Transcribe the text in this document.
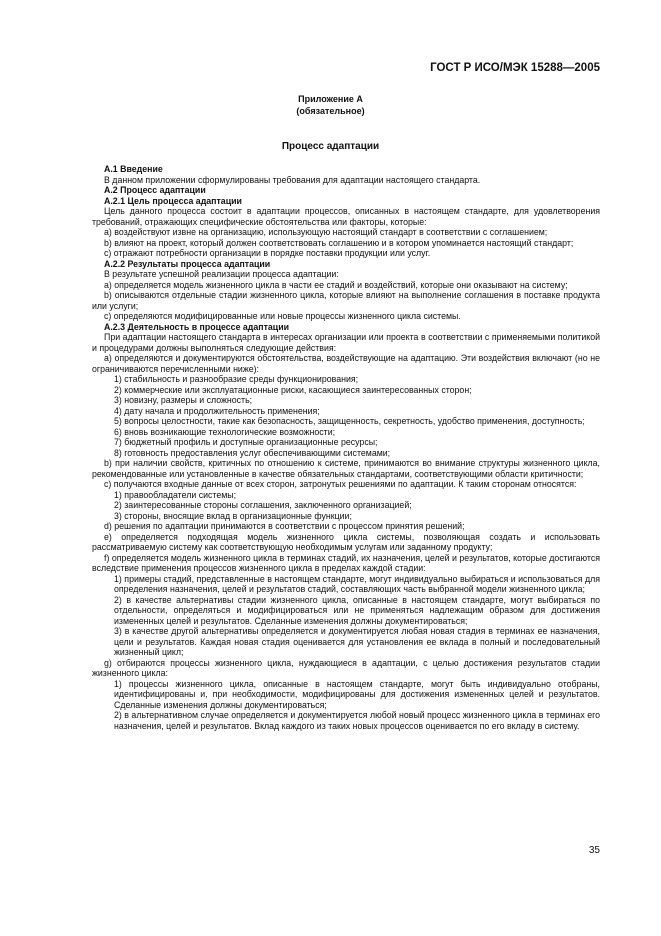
ГОСТ Р ИСО/МЭК 15288—2005
Приложение А
(обязательное)
Процесс адаптации

А.1 Введение

В данном приложении сформулированы требования для адаптации настоящего стандарта.

А.2 Процесс адаптации

А.2.1 Цель процесса адаптации

Цель данного процесса состоит в адаптации процессов, описанных в настоящем стандарте, для удовлетворения требований, отражающих специфические обстоятельства или факторы, которые:

a) воздействуют извне на организацию, использующую настоящий стандарт в соответствии с соглашением;

b) влияют на проект, который должен соответствовать соглашению и в котором упоминается настоящий стандарт;

c) отражают потребности организации в порядке поставки продукции или услуг.

А.2.2 Результаты процесса адаптации

В результате успешной реализации процесса адаптации:

a) определяется модель жизненного цикла в части ее стадий и воздействий, которые они оказывают на систему;

b) описываются отдельные стадии жизненного цикла, которые влияют на выполнение соглашения в поставке продукта или услуги;

c) определяются модифицированные или новые процессы жизненного цикла системы.

А.2.3 Деятельность в процессе адаптации

При адаптации настоящего стандарта в интересах организации или проекта в соответствии с применяемыми политикой и процедурами должны выполняться следующие действия:

a) определяются и документируются обстоятельства, воздействующие на адаптацию. Эти воздействия включают (но не ограничиваются перечисленными ниже):

1) стабильность и разнообразие среды функционирования;

2) коммерческие или эксплуатационные риски, касающиеся заинтересованных сторон;

3) новизну, размеры и сложность;

4) дату начала и продолжительность применения;

5) вопросы целостности, такие как безопасность, защищенность, секретность, удобство применения, доступность;

6) вновь возникающие технологические возможности;

7) бюджетный профиль и доступные организационные ресурсы;

8) готовность предоставления услуг обеспечивающими системами;

b) при наличии свойств, критичных по отношению к системе, принимаются во внимание структуры жизненного цикла, рекомендованные или установленные в качестве обязательных стандартами, соответствующими области критичности;

c) получаются входные данные от всех сторон, затронутых решениями по адаптации. К таким сторонам относятся:

1) правообладатели системы;

2) заинтересованные стороны соглашения, заключенного организацией;

3) стороны, вносящие вклад в организационные функции;

d) решения по адаптации принимаются в соответствии с процессом принятия решений;

e) определяется подходящая модель жизненного цикла системы, позволяющая создать и использовать рассматриваемую систему как соответствующую необходимым услугам или заданному продукту;

f) определяется модель жизненного цикла в терминах стадий, их назначения, целей и результатов, которые достигаются вследствие применения процессов жизненного цикла в пределах каждой стадии:

1) примеры стадий, представленные в настоящем стандарте, могут индивидуально выбираться и использоваться для определения назначения, целей и результатов стадий, составляющих часть выбранной модели жизненного цикла;

2) в качестве альтернативы стадии жизненного цикла, описанные в настоящем стандарте, могут выбираться по отдельности, определяться и модифицироваться или не применяться надлежащим образом для достижения измененных целей и результатов. Сделанные изменения должны документироваться;

3) в качестве другой альтернативы определяется и документируется любая новая стадия в терминах ее назначения, цели и результатов. Каждая новая стадия оценивается для установления ее вклада в полный и последовательный жизненный цикл;

g) отбираются процессы жизненного цикла, нуждающиеся в адаптации, с целью достижения результатов стадии жизненного цикла:

1) процессы жизненного цикла, описанные в настоящем стандарте, могут быть индивидуально отобраны, идентифицированы и, при необходимости, модифицированы для достижения измененных целей и результатов. Сделанные изменения должны документироваться;

2) в альтернативном случае определяется и документируется любой новый процесс жизненного цикла в терминах его назначения, целей и результатов. Вклад каждого из таких новых процессов оценивается по его вкладу в систему.

35
